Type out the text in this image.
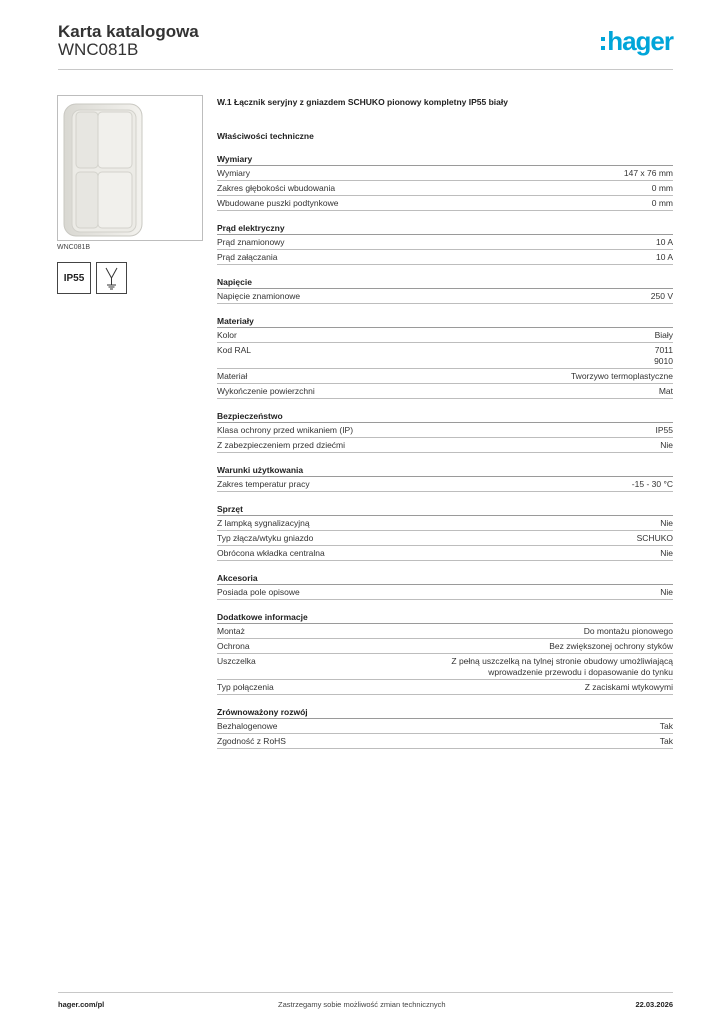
Karta katalogowa
WNC081B	hager
WNC081B
IP55
W.1 Łącznik seryjny z gniazdem SCHUKO pionowy kompletny IP55 biały
Właściwości techniczne
Wymiary
Wymiary	147 x 76 mm
Zakres głębokości wbudowania	0 mm
Wbudowane puszki podtynkowe	0 mm
Prąd elektryczny
Prąd znamionowy	10 A
Prąd załączania	10 A
Napięcie
Napięcie znamionowe	250 V
Materiały
Kolor	Biały
Kod RAL	7011
9010
Materiał	Tworzywo termoplastyczne
Wykończenie powierzchni	Mat
Bezpieczeństwo
Klasa ochrony przed wnikaniem (IP)	IP55
Z zabezpieczeniem przed dziećmi	Nie
Warunki użytkowania
Zakres temperatur pracy	-15 - 30 °C
Sprzęt
Z lampką sygnalizacyjną	Nie
Typ złącza/wtyku gniazdo	SCHUKO
Obrócona wkładka centralna	Nie
Akcesoria
Posiada pole opisowe	Nie
Dodatkowe informacje
Montaż	Do montażu pionowego
Ochrona	Bez zwiększonej ochrony styków
Uszczelka	Z pełną uszczelką na tylnej stronie obudowy umożliwiającą
wprowadzenie przewodu i dopasowanie do tynku
Typ połączenia	Z zaciskami wtykowymi
Zrównoważony rozwój
Bezhalogenowe	Tak
Zgodność z RoHS	Tak
hager.com/pl	Zastrzegamy sobie możliwość zmian technicznych	22.03.2026
